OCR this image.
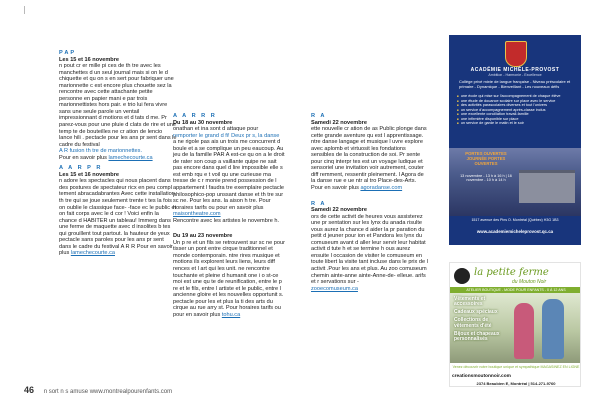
PAP

Les 15 et 16 novembre

n pout cr er mille pi ces de th tre avec les manchettes d un seul journal mais si on le d chiquette et qu on s en sert pour fabriquer une marionnette c est encore plus chouette sez la rencontre avec cette attachante petite personne en papier mani e par trois marionnettistes hors pair. e trio lui fera vivre sans une seule parole un ventail impressionnant d motions et d tats d me. Pr parez-vous pour une pluie d clats de rire et une temp te de bouteilles ne cr ation de lencio lance hili . pectacle pour les ans pr sent dans le cadre du festival

A R fusion th tre de marionnettes.

Pour en savoir plus lamechecourte.ca

A A R P R

Les 15 et 16 novembre

n adore les spectacles qui nous placent dans des postures de spectateur ricx en peu compl tement abracadabrantes Avec cette installation th tre qui se joue seulement trente t tes la fois on oublie le classique face- -face ec le public et on fait corps avec le d cor ! Voici enfin la chance d HABITER un tableau! Immerg dans une ferme de maquette avec d insolites b tes qui grouillent tout partout. la hauteur de yeux pectacle sans paroles pour les ans pr sent dans le cadre du festival A R R Pour en savoir plus lamechecourte.ca

A A R R R

Du 18 au 30 novembre

onathan et ina sont d attaque pour

remporter le grand d fi! Deux pr s, la danse

a ne rigole pas ais un trois me concurrent d boule et a se complique un peu eaucoup. Au jeu de la famille PAR A est-ce qu on a le droit de rater son coup a vaillante quipe ne sait pas encore dans quel d lire impossible elle s est emb rqu e t voil qu une curieuse ma tresse de c r monie prend possession de l appartement l faudra tre exemplaire pectacle philosophico-pop unssant danse et th tre sur sc ne. Pour les ans. la aison h tre. Pour horaires tarifs ou pour en savoir plus

maisontheatre.com

Rencontre avec les artistes le novembre h.

Du 19 au 23 novembre

Un p re et un fils se retrouvent sur sc ne pour tisser un pont entre cirque traditionnel et monde contemporain. ntre rires musique et motions ils explorent leurs liens, leurs diff rences et l art qui les unit. ne rencontre touchante et pleine d humanit one i o st-ce moi est une qu te de reunification, entre le p re et le fils, entre l artiste et le public, entre l ancienne gloire et les nouvelles opportunit s. pectacle pour les et plus la ti des arts du cirque au rue arry st. Pour horaires tarifs ou pour en savoir plus tohu.ca

R A

Samedi 22 novembre

ette nouvelle cr ation de as Public plonge dans cette grande aventure qu est l apprentissage. ntre danse langage et musique l uvre explore avec aplomb et virtuosit les fondations sensibles de la construction de soi. Pr sente pour cinq interpr tes est un voyage ludique et sensoriel une invitation voir autrement, couter diff remment, ressentir pleinement. l Agora de la danse rue e ue ntr al tro Place-des-Arts.

Pour en savoir plus agoradanse.com

R A

Samedi 22 novembre

ors de cette activit de heures vous assisterez une pr sentation sur les lynx du anada risulte vous aurez la chance d aider la pr paration du petit d jeuner pour ion et Pandora les lynx du comuseum avant d aller leur servir leur habitat activit d tute h et se termine h ous aurez ensuite l occasion de visiter le comuseum en toute libert la visite tant incluse dans le prix de l activit .Pour les ans et plus. Au zoo comuseum chemin ainte-anne ainte-Anne-de- elleue. arifs et r servations sur -

zooecomuseum.ca

ACADÉMIE MICHÈLE-PROVOST
Ambition - Harmonie - Excellence
Collège privé mixte de langue française - Niveau préscolaire et primaire - Dynamique - Bienveillant - Les nouveaux défis
■ une école qui mise sur l'accompagnement de chaque élève
■ une étude de douance scolaire sur place avec le service
■ des activités parascolaires diverses et tout l'univers
■ un service d'accompagnement après-classe inclus
■ une excellente conciliation travail-famille
■ une infirmière disponible sur place
■ un service de garde le matin et le soir
PORTES OUVERTES
JOURNÉE PORTES OUVERTES
13 novembre - 13 h à 16 h | 16 novembre - 10 h à 14 h
1517 avenue des Pins O. Montréal (Québec) H3G 1B3
www.academiemicheleprovost.qc.ca
la petite ferme
du Mouton Noir
ATELIER BOUTIQUE - MODE POUR ENFANTS - 0 À 12 ANS
Vêtements et accessoires
Cadeaux spéciaux
Collections de vêtements d'été
Bijoux et chapeaux personnalisés
Venez découvrir notre boutique unique et sympathique MAGASINEZ EN LIGNE
creationsmoutonnoir.com
2374 Beaubien E, Montréal | 514-271-9760
46 n sort n s amuse www.montrealpourenfants.com
